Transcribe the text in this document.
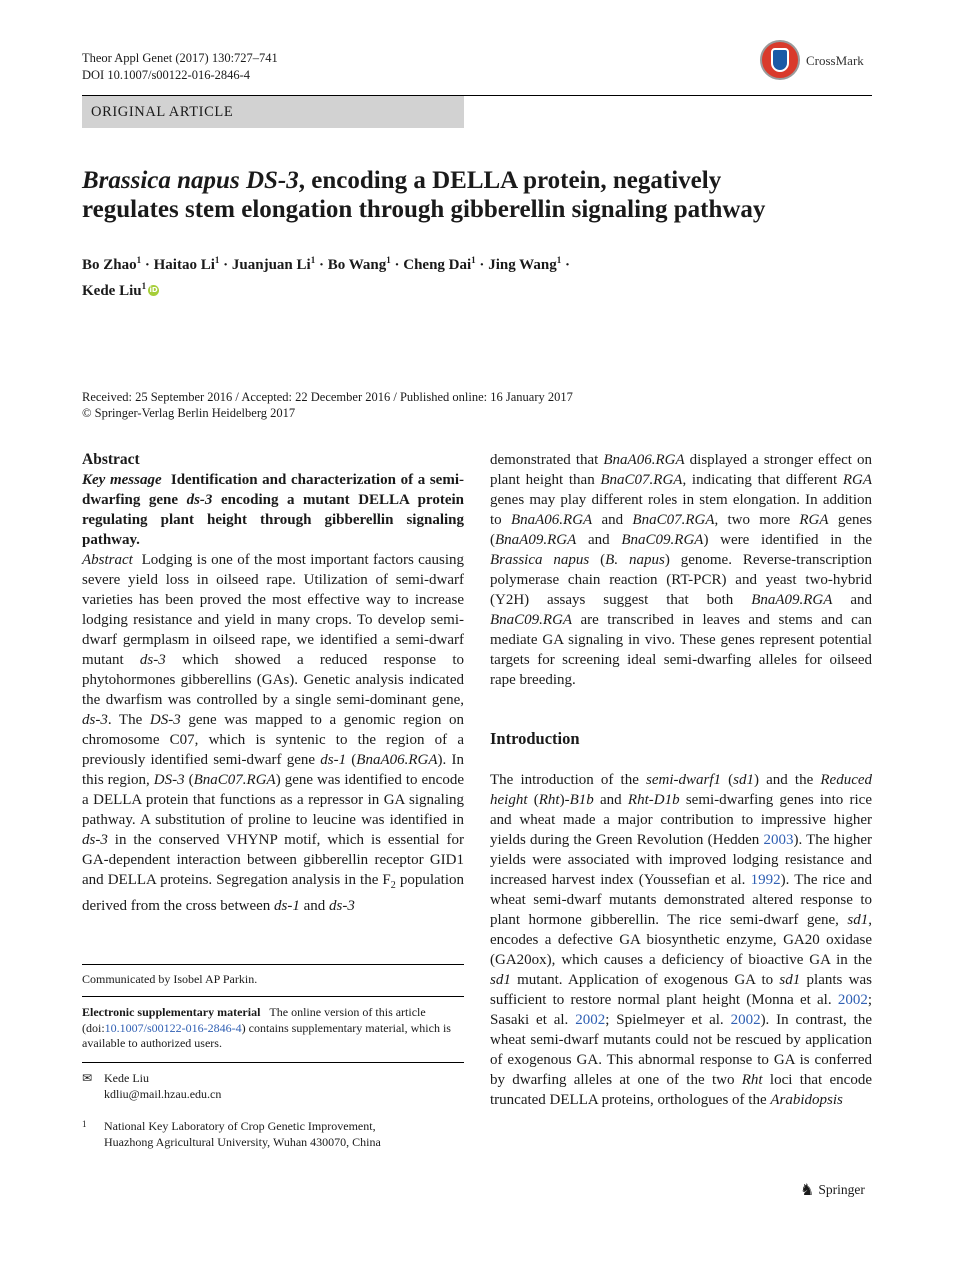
Theor Appl Genet (2017) 130:727–741
DOI 10.1007/s00122-016-2846-4
CrossMark
ORIGINAL ARTICLE
Brassica napus DS-3, encoding a DELLA protein, negatively
regulates stem elongation through gibberellin signaling pathway
Bo Zhao$^1$ · Haitao $Li^1$ · Juanjuan $Li^1 \cdot Bo$ Wang$^1$ · Cheng Dai$^1$ · Jing Wang$^1$ ·
Kede Liu$^1$ iD
Received: 25 September 2016 / Accepted: 22 December 2016 / Published online: 16 January 2017
© Springer-Verlag Berlin Heidelberg 2017
Abstract

Key message Identification and characterization of a semi-dwarfing gene ds-3 encoding a mutant DELLA protein regulating plant height through gibberellin signaling pathway.

Abstract  Lodging is one of the most important factors causing severe yield loss in oilseed rape. Utilization of semi-dwarf varieties has been proved the most effective way to increase lodging resistance and yield in many crops. To develop semi-dwarf germplasm in oilseed rape, we identified a semi-dwarf mutant ds-3 which showed a reduced response to phytohormones gibberellins (GAs). Genetic analysis indicated the dwarfism was controlled by a single semi-dominant gene, ds-3. The DS-3 gene was mapped to a genomic region on chromosome C07, which is syntenic to the region of a previously identified semi-dwarf gene ds-1 (BnaA06.RGA). In this region, DS-3 (BnaC07.RGA) gene was identified to encode a DELLA protein that functions as a repressor in GA signaling pathway. A substitution of proline to leucine was identified in ds-3 in the conserved VHYNP motif, which is essential for GA-dependent interaction between gibberellin receptor GID1 and DELLA proteins. Segregation analysis in the $F_2$ population derived from the cross between ds-1 and ds-3

Communicated by Isobel AP Parkin.

Electronic supplementary material The online version of this article (doi:10.1007/s00122-016-2846-4) contains supplementary material, which is available to authorized users.

✉ Kede Liu

kdliu@mail.hzau.edu.cn

1 National Key Laboratory of Crop Genetic Improvement,

Huazhong Agricultural University, Wuhan 430070, China

demonstrated that BnaA06.RGA displayed a stronger effect on plant height than BnaC07.RGA, indicating that different RGA genes may play different roles in stem elongation. In addition to BnaA06.RGA and BnaC07.RGA, two more RGA genes (BnaA09.RGA and BnaC09.RGA) were identified in the Brassica napus (B. napus) genome. Reverse-transcription polymerase chain reaction (RT-PCR) and yeast two-hybrid (Y2H) assays suggest that both BnaA09.RGA and BnaC09.RGA are transcribed in leaves and stems and can mediate GA signaling in vivo. These genes represent potential targets for screening ideal semi-dwarfing alleles for oilseed rape breeding.

Introduction

The introduction of the semi-dwarf1 (sd1) and the Reduced height (Rht)-B1b and Rht-D1b semi-dwarfing genes into rice and wheat made a major contribution to impressive higher yields during the Green Revolution (Hedden 2003). The higher yields were associated with improved lodging resistance and increased harvest index (Youssefian et al. 1992). The rice and wheat semi-dwarf mutants demonstrated altered response to plant hormone gibberellin. The rice semi-dwarf gene, sd1, encodes a defective GA biosynthetic enzyme, GA20 oxidase (GA20ox), which causes a deficiency of bioactive GA in the sd1 mutant. Application of exogenous GA to sd1 plants was sufficient to restore normal plant height (Monna et al. 2002; Sasaki et al. 2002; Spielmeyer et al. 2002). In contrast, the wheat semi-dwarf mutants could not be rescued by application of exogenous GA. This abnormal response to GA is conferred by dwarfing alleles at one of the two Rht loci that encode truncated DELLA proteins, orthologues of the Arabidopsis

♞ Springer
